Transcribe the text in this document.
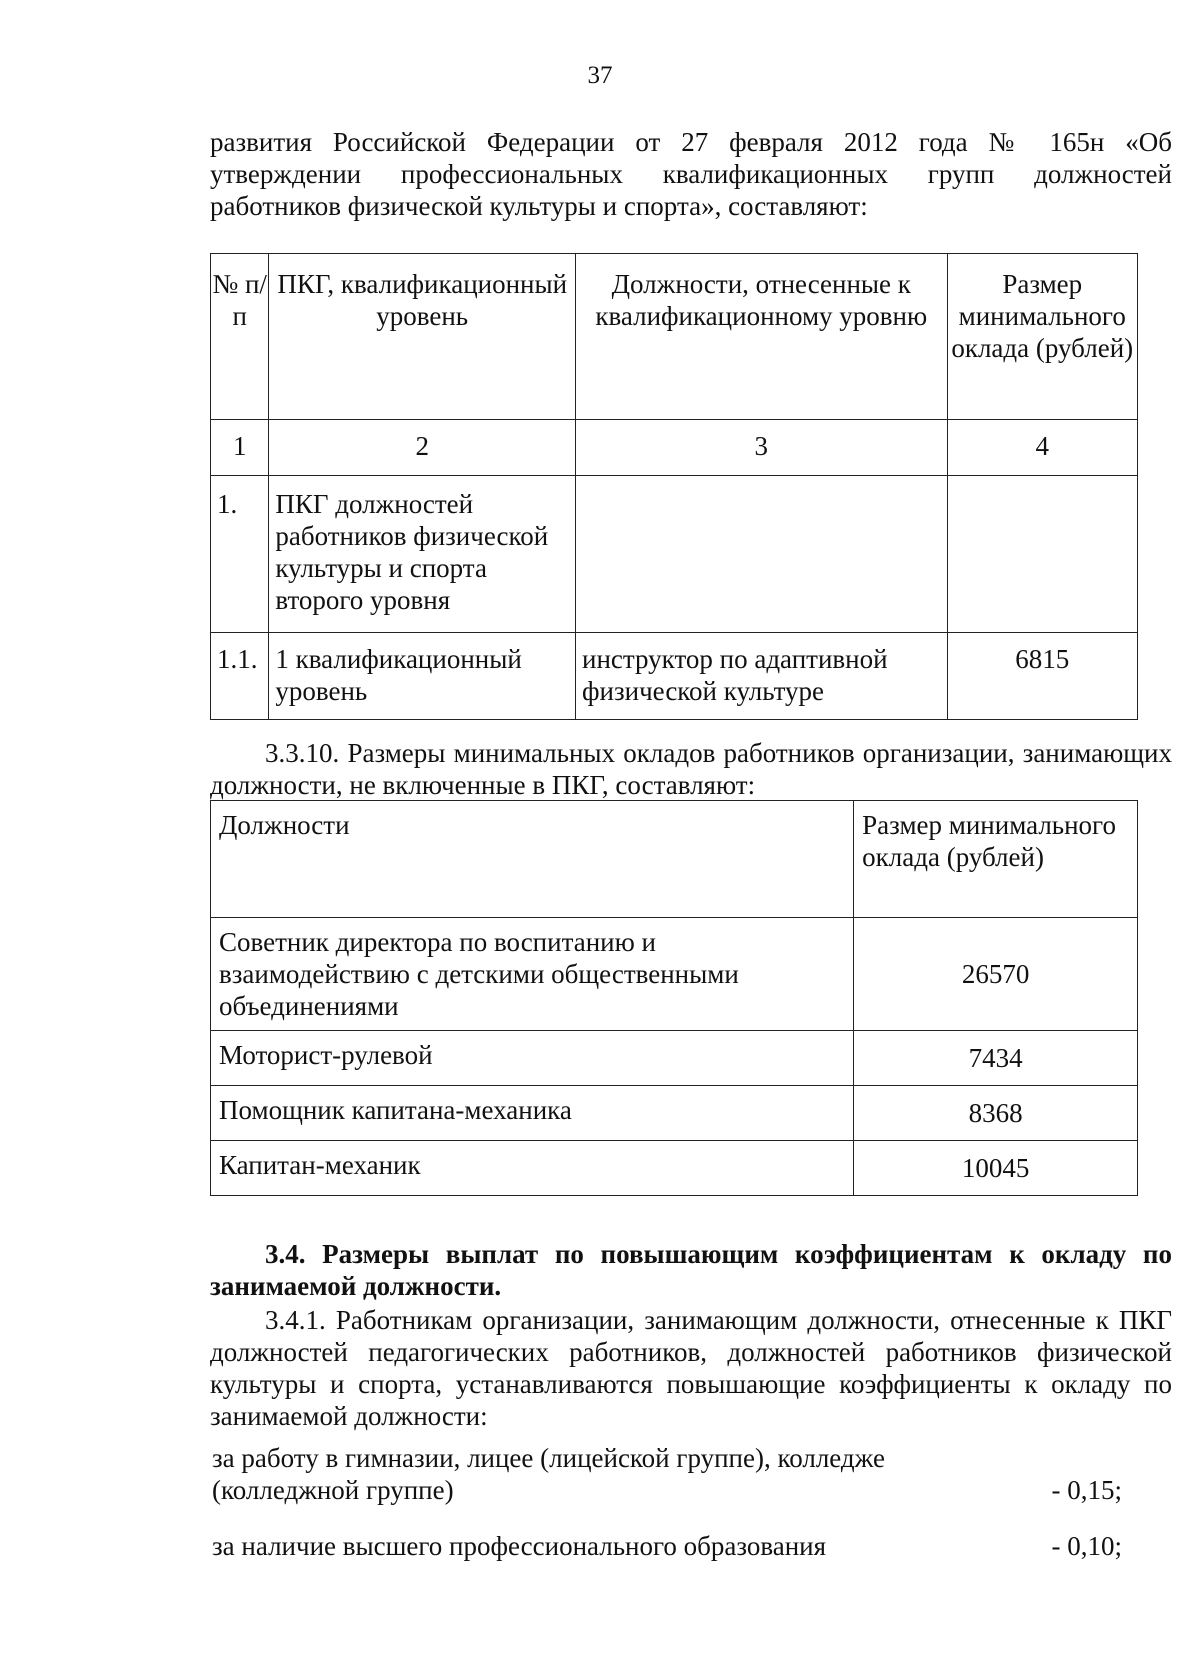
37
развития Российской Федерации от 27 февраля 2012 года № 165н «Об утверждении профессиональных квалификационных групп должностей работников физической культуры и спорта», составляют:
№ п/п	ПКГ, квалификационный уровень	Должности, отнесенные к квалификационному уровню	Размер минимального оклада (рублей)
1	2	3	4
1.	ПКГ должностей работников физической культуры и спорта второго уровня		
1.1.	1 квалификационный уровень	инструктор по адаптивной физической культуре	6815
3.3.10. Размеры минимальных окладов работников организации, занимающих должности, не включенные в ПКГ, составляют:
Должности	Размер минимального оклада (рублей)
Советник директора по воспитанию и взаимодействию с детскими общественными объединениями	26570
Моторист-рулевой	7434
Помощник капитана-механика	8368
Капитан-механик	10045
3.4. Размеры выплат по повышающим коэффициентам к окладу по занимаемой должности.
3.4.1. Работникам организации, занимающим должности, отнесенные к ПКГ должностей педагогических работников, должностей работников физической культуры и спорта, устанавливаются повышающие коэффициенты к окладу по занимаемой должности:
за работу в гимназии, лицее (лицейской группе), колледже (колледжной группе)	- 0,15;
за наличие высшего профессионального образования	- 0,10;
